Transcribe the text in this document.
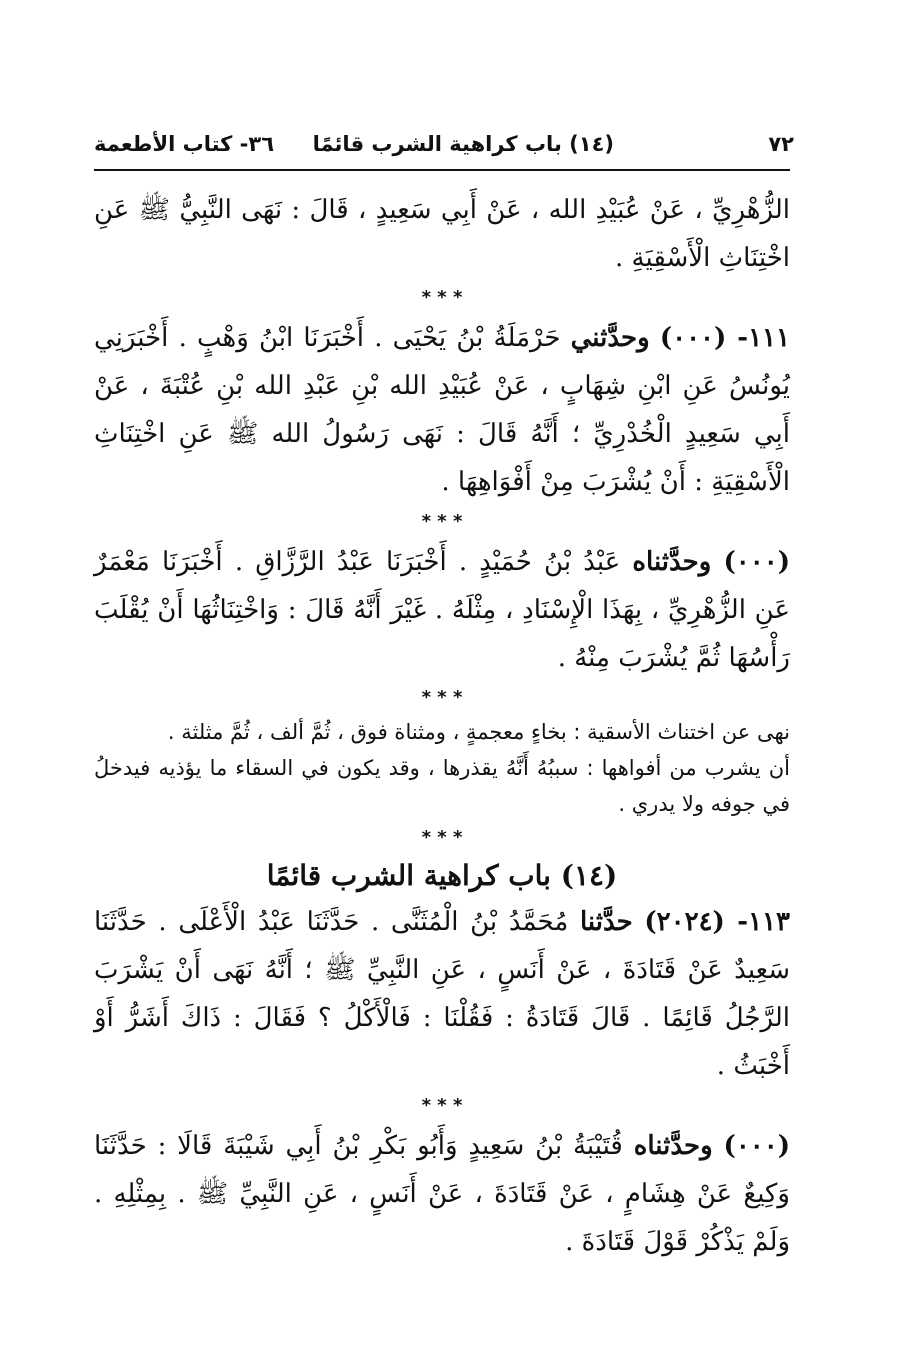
٧٢
(١٤) باب كراهية الشرب قائمًا
٣٦- كتاب الأطعمة

الزُّهْرِيِّ ، عَنْ عُبَيْدِ الله ، عَنْ أَبِي سَعِيدٍ ، قَالَ : نَهَى النَّبِيُّ ﷺ عَنِ اخْتِنَاثِ الْأَسْقِيَةِ .

* * *

١١١- (٠٠٠) وحدَّثني حَرْمَلَةُ بْنُ يَحْيَى . أَخْبَرَنَا ابْنُ وَهْبٍ . أَخْبَرَنِي يُونُسُ عَنِ ابْنِ شِهَابٍ ، عَنْ عُبَيْدِ الله بْنِ عَبْدِ الله بْنِ عُتْبَةَ ، عَنْ أَبِي سَعِيدٍ الْخُدْرِيِّ ؛ أَنَّهُ قَالَ : نَهَى رَسُولُ الله ﷺ عَنِ اخْتِنَاثِ الْأَسْقِيَةِ : أَنْ يُشْرَبَ مِنْ أَفْوَاهِهَا .

* * *

(٠٠٠) وحدَّثناه عَبْدُ بْنُ حُمَيْدٍ . أَخْبَرَنَا عَبْدُ الرَّزَّاقِ . أَخْبَرَنَا مَعْمَرٌ عَنِ الزُّهْرِيِّ ، بِهَذَا الْإِسْنَادِ ، مِثْلَهُ . غَيْرَ أَنَّهُ قَالَ : وَاخْتِنَاثُهَا أَنْ يُقْلَبَ رَأْسُهَا ثُمَّ يُشْرَبَ مِنْهُ .

* * *

نهى عن اختناث الأسقية : بخاءٍ معجمةٍ ، ومثناة فوق ، ثُمَّ ألف ، ثُمَّ مثلثة .

أن يشرب من أفواهها : سببُهُ أَنَّهُ يقذرها ، وقد يكون في السقاء ما يؤذيه فيدخلُ في جوفه ولا يدري .

* * *
(١٤) باب كراهية الشرب قائمًا

١١٣- (٢٠٢٤) حدَّثنا مُحَمَّدُ بْنُ الْمُثَنَّى . حَدَّثَنَا عَبْدُ الْأَعْلَى . حَدَّثَنَا سَعِيدٌ عَنْ قَتَادَةَ ، عَنْ أَنَسٍ ، عَنِ النَّبِيِّ ﷺ ؛ أَنَّهُ نَهَى أَنْ يَشْرَبَ الرَّجُلُ قَائِمًا . قَالَ قَتَادَةُ : فَقُلْنَا : فَالْأَكْلُ ؟ فَقَالَ : ذَاكَ أَشَرُّ أَوْ أَخْبَثُ .

* * *

(٠٠٠) وحدَّثناه قُتَيْبَةُ بْنُ سَعِيدٍ وَأَبُو بَكْرِ بْنُ أَبِي شَيْبَةَ قَالَا : حَدَّثَنَا وَكِيعٌ عَنْ هِشَامٍ ، عَنْ قَتَادَةَ ، عَنْ أَنَسٍ ، عَنِ النَّبِيِّ ﷺ . بِمِثْلِهِ . وَلَمْ يَذْكُرْ قَوْلَ قَتَادَةَ .
